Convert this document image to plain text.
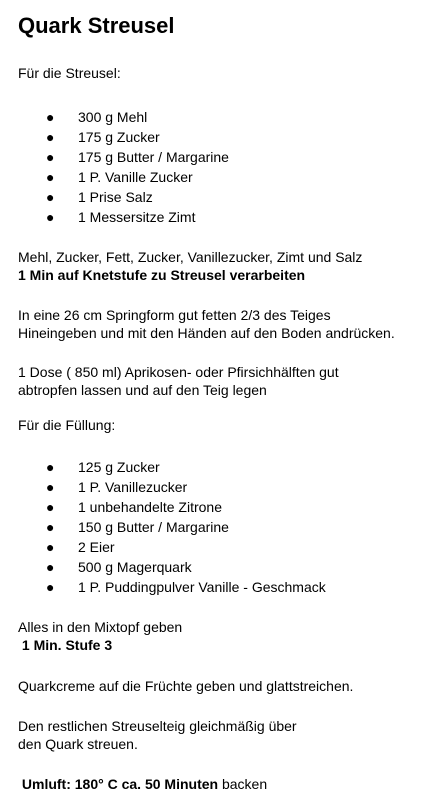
Quark Streusel
Für die Streusel:
● 300 g Mehl
● 175 g Zucker
● 175 g Butter / Margarine
● 1 P. Vanille Zucker
● 1 Prise Salz
● 1 Messersitze Zimt
Mehl, Zucker, Fett, Zucker, Vanillezucker, Zimt und Salz
1 Min auf Knetstufe zu Streusel verarbeiten
In eine 26 cm Springform gut fetten 2/3 des Teiges
Hineingeben und mit den Händen auf den Boden andrücken.
1 Dose ( 850 ml) Aprikosen- oder Pfirsichhälften gut
abtropfen lassen und auf den Teig legen
Für die Füllung:
● 125 g Zucker
● 1 P. Vanillezucker
● 1 unbehandelte Zitrone
● 150 g Butter / Margarine
● 2 Eier
● 500 g Magerquark
● 1 P. Puddingpulver Vanille - Geschmack
Alles in den Mixtopf geben
1 Min. Stufe 3
Quarkcreme auf die Früchte geben und glattstreichen.
Den restlichen Streuselteig gleichmäßig über
den Quark streuen.
Umluft: 180° C ca. 50 Minuten backen
